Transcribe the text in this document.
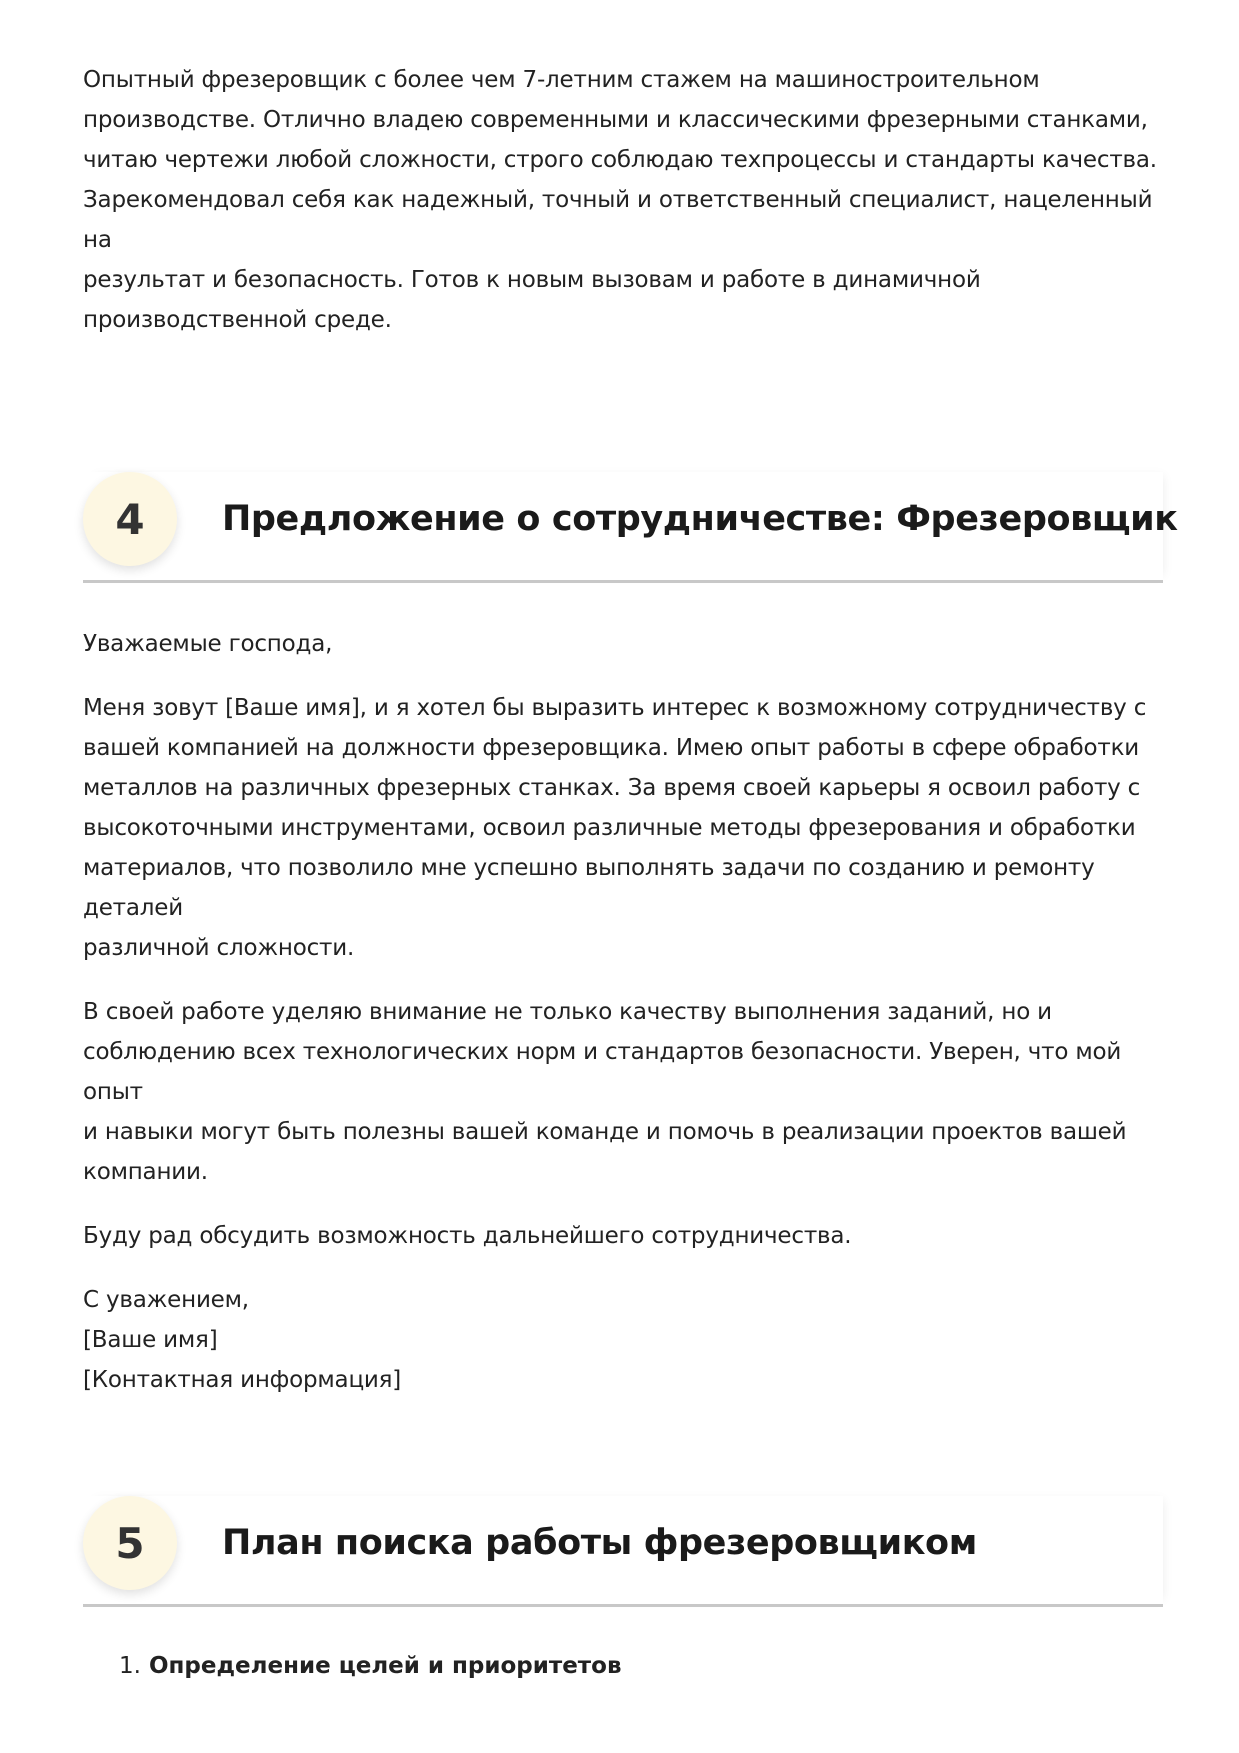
Опытный фрезеровщик с более чем 7-летним стажем на машиностроительном

производстве. Отлично владею современными и классическими фрезерными станками,

читаю чертежи любой сложности, строго соблюдаю техпроцессы и стандарты качества.

Зарекомендовал себя как надежный, точный и ответственный специалист, нацеленный на

результат и безопасность. Готов к новым вызовам и работе в динамичной

производственной среде.

4	Предложение о сотрудничестве: Фрезеровщик

Уважаемые господа,

Меня зовут [Ваше имя], и я хотел бы выразить интерес к возможному сотрудничеству с
вашей компанией на должности фрезеровщика. Имею опыт работы в сфере обработки
металлов на различных фрезерных станках. За время своей карьеры я освоил работу с
высокоточными инструментами, освоил различные методы фрезерования и обработки
материалов, что позволило мне успешно выполнять задачи по созданию и ремонту деталей
различной сложности.
В своей работе уделяю внимание не только качеству выполнения заданий, но и
соблюдению всех технологических норм и стандартов безопасности. Уверен, что мой опыт
и навыки могут быть полезны вашей команде и помочь в реализации проектов вашей
компании.

Буду рад обсудить возможность дальнейшего сотрудничества.

С уважением,
[Ваше имя]
[Контактная информация]
5	План поиска работы фрезеровщиком
1. Определение целей и приоритетов
